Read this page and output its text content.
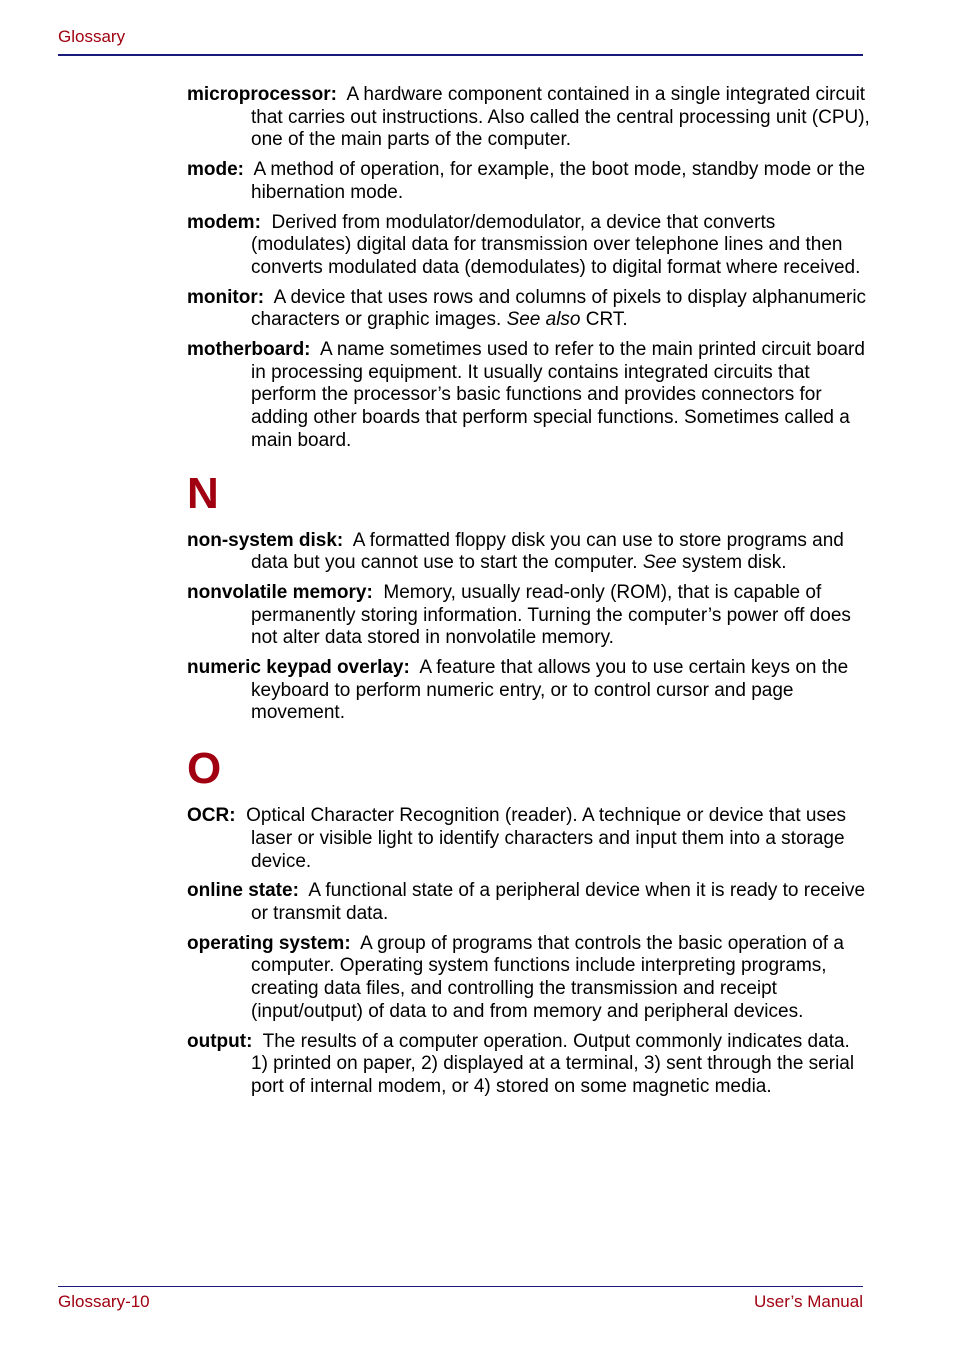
Glossary

microprocessor: A hardware component contained in a single integrated circuit that carries out instructions. Also called the central processing unit (CPU), one of the main parts of the computer.

mode: A method of operation, for example, the boot mode, standby mode or the hibernation mode.

modem: Derived from modulator/demodulator, a device that converts (modulates) digital data for transmission over telephone lines and then converts modulated data (demodulates) to digital format where received.

monitor: A device that uses rows and columns of pixels to display alphanumeric characters or graphic images. See also CRT.

motherboard: A name sometimes used to refer to the main printed circuit board in processing equipment. It usually contains integrated circuits that perform the processor’s basic functions and provides connectors for adding other boards that perform special functions. Sometimes called a main board.

N

non-system disk: A formatted floppy disk you can use to store programs and data but you cannot use to start the computer. See system disk.

nonvolatile memory: Memory, usually read-only (ROM), that is capable of permanently storing information. Turning the computer’s power off does not alter data stored in nonvolatile memory.

numeric keypad overlay: A feature that allows you to use certain keys on the keyboard to perform numeric entry, or to control cursor and page movement.

O

OCR: Optical Character Recognition (reader). A technique or device that uses laser or visible light to identify characters and input them into a storage device.

online state: A functional state of a peripheral device when it is ready to receive or transmit data.

operating system: A group of programs that controls the basic operation of a computer. Operating system functions include interpreting programs, creating data files, and controlling the transmission and receipt (input/output) of data to and from memory and peripheral devices.

output: The results of a computer operation. Output commonly indicates data.
1) printed on paper, 2) displayed at a terminal, 3) sent through the serial port of internal modem, or 4) stored on some magnetic media.

Glossary-10	User’s Manual
